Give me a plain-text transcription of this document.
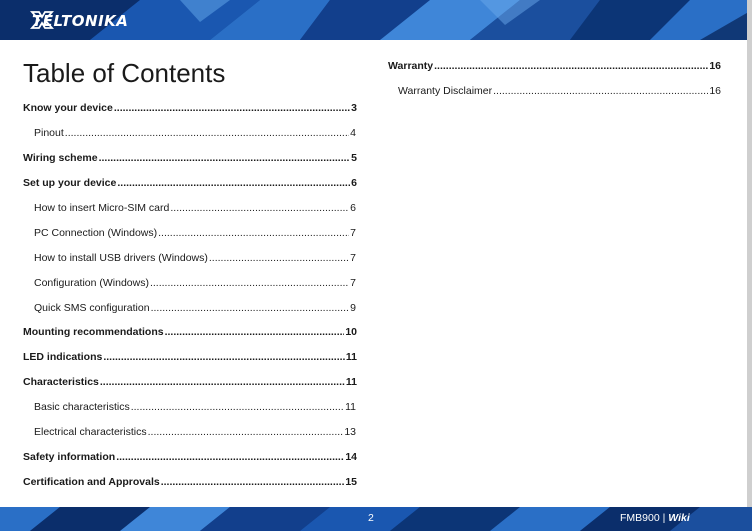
TELTONIKA
Table of Contents
Know your device .....	3
Pinout .....	4
Wiring scheme .....	5
Set up your device .....	6
How to insert Micro-SIM card .....	6
PC Connection (Windows) .....	7
How to install USB drivers (Windows) .....	7
Configuration (Windows) .....	7
Quick SMS configuration .....	9
Mounting recommendations .....	10
LED indications .....	11
Characteristics .....	11
Basic characteristics .....	11
Electrical characteristics .....	13
Safety information .....	14
Certification and Approvals .....	15
Warranty .....	16
Warranty Disclaimer .....	16
2	FMB900 | Wiki
